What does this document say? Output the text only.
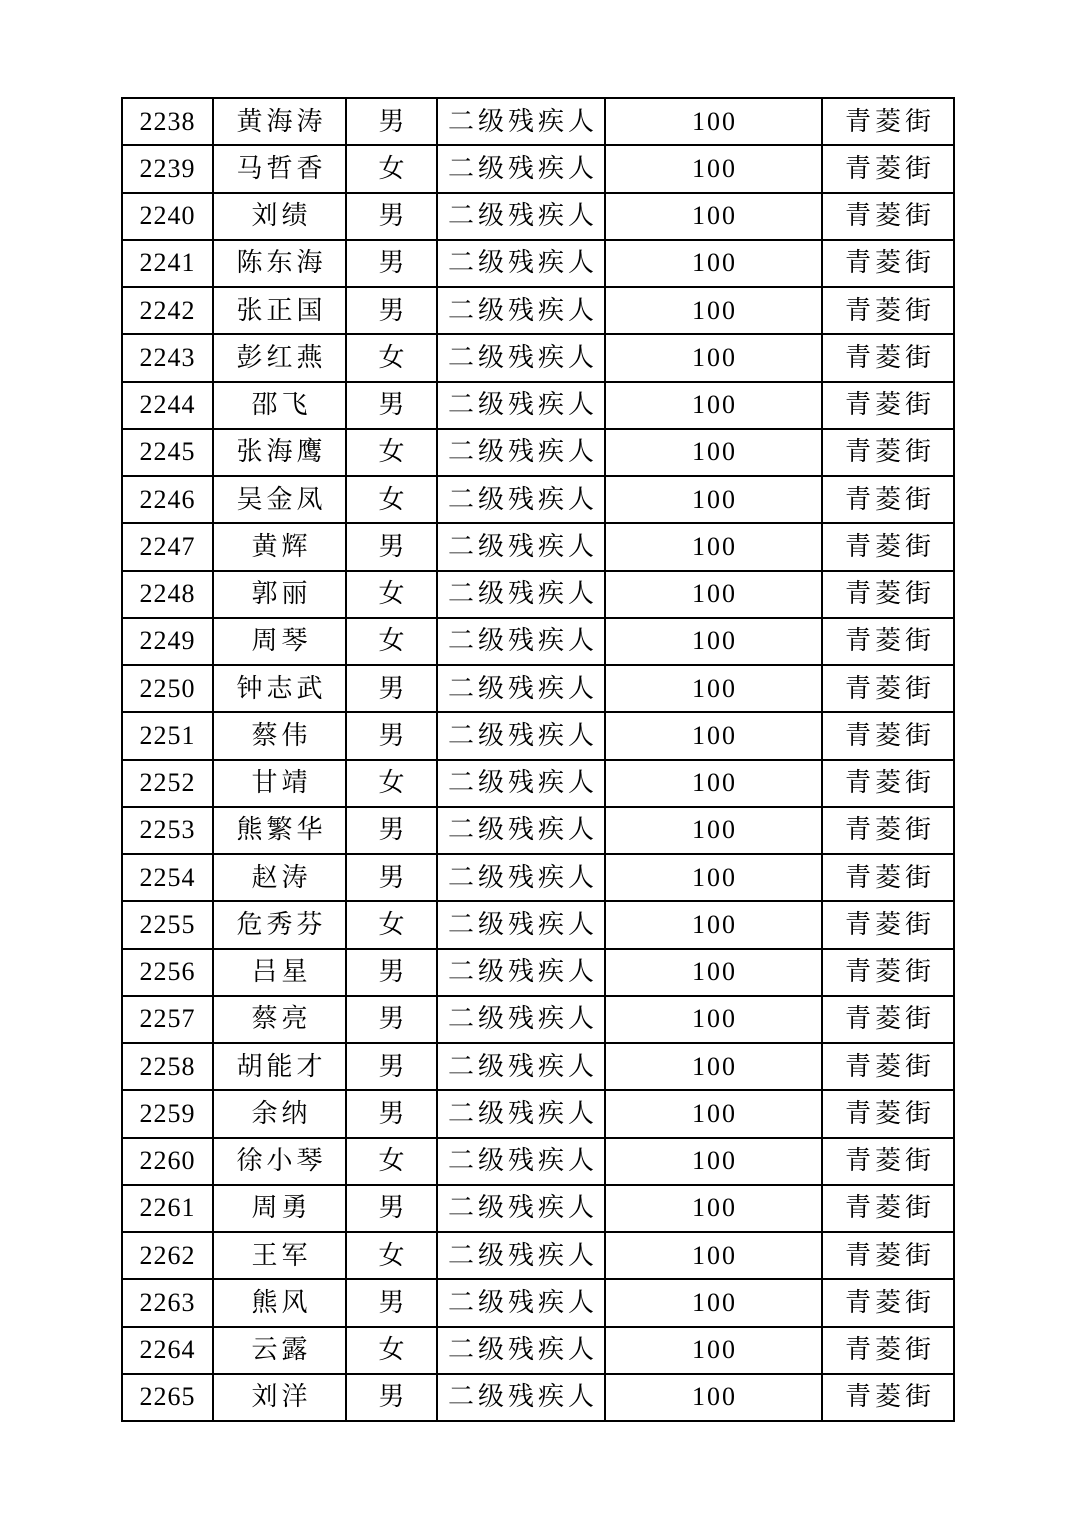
2238	黄海涛	男	二级残疾人	100	青菱街
2239	马哲香	女	二级残疾人	100	青菱街
2240	刘绩	男	二级残疾人	100	青菱街
2241	陈东海	男	二级残疾人	100	青菱街
2242	张正国	男	二级残疾人	100	青菱街
2243	彭红燕	女	二级残疾人	100	青菱街
2244	邵飞	男	二级残疾人	100	青菱街
2245	张海鹰	女	二级残疾人	100	青菱街
2246	吴金凤	女	二级残疾人	100	青菱街
2247	黄辉	男	二级残疾人	100	青菱街
2248	郭丽	女	二级残疾人	100	青菱街
2249	周琴	女	二级残疾人	100	青菱街
2250	钟志武	男	二级残疾人	100	青菱街
2251	蔡伟	男	二级残疾人	100	青菱街
2252	甘靖	女	二级残疾人	100	青菱街
2253	熊繁华	男	二级残疾人	100	青菱街
2254	赵涛	男	二级残疾人	100	青菱街
2255	危秀芬	女	二级残疾人	100	青菱街
2256	吕星	男	二级残疾人	100	青菱街
2257	蔡亮	男	二级残疾人	100	青菱街
2258	胡能才	男	二级残疾人	100	青菱街
2259	余纳	男	二级残疾人	100	青菱街
2260	徐小琴	女	二级残疾人	100	青菱街
2261	周勇	男	二级残疾人	100	青菱街
2262	王军	女	二级残疾人	100	青菱街
2263	熊风	男	二级残疾人	100	青菱街
2264	云露	女	二级残疾人	100	青菱街
2265	刘洋	男	二级残疾人	100	青菱街
